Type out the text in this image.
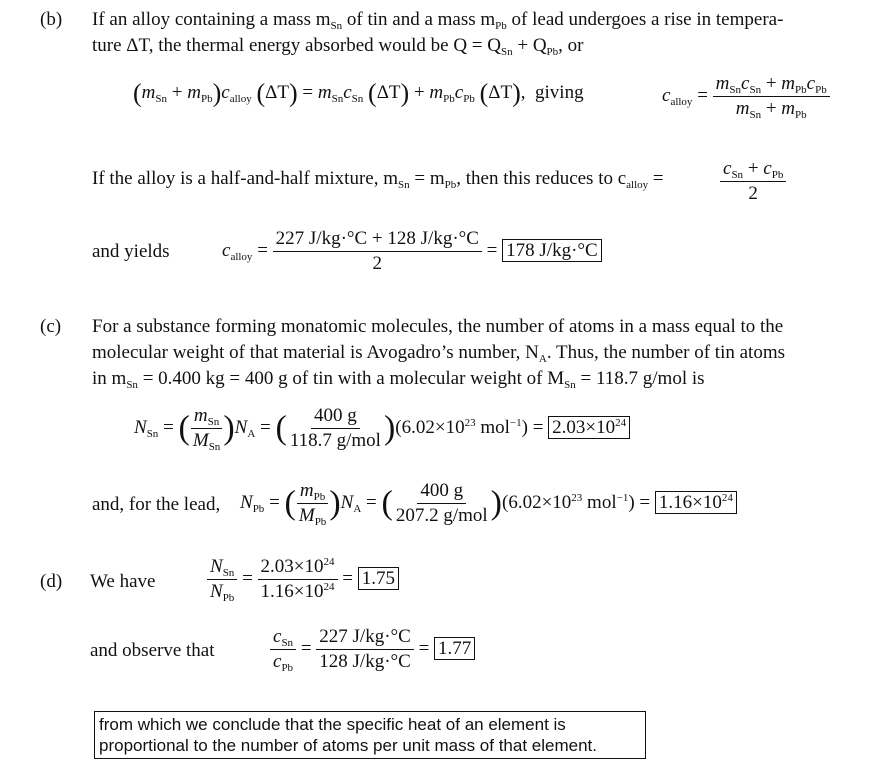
(b) If an alloy containing a mass $m_{Sn}$ of tin and a mass $m_{Pb}$ of lead undergoes a rise in tempera-
ture ΔT, the thermal energy absorbed would be $Q = Q_{Sn} + Q_{Pb}$, or
$(m_{Sn} + m_{Pb})c_{alloy}$ $(\Delta T) = m_{Sn}c_{Sn}$ $(\Delta T) + m_{Pb}c_{Pb}$ (ΔT),  giving	$c_{alloy} = \frac{m_{Sn}c_{Sn} + m_{Pb}c_{Pb}}{m_{Sn} + m_{Pb}}$
If the alloy is a half-and-half mixture, $m_{Sn} = m_{Pb}$, then this reduces to $c_{alloy}$ =	$\frac{c_{Sn} + c_{Pb}}{2}$
and yields	$c_{alloy} = \frac{227 J/kg\cdot^\circ C + 128 J/kg\cdot^\circ C}{2} = 178$ J/kg·°C
(c) For a substance forming monatomic molecules, the number of atoms in a mass equal to the
molecular weight of that material is Avogadro’s number, $N_A$. Thus, the number of tin atoms
in $m_{Sn} = 0.400$ kg = 400 g of tin with a molecular weight of $M_{Sn} = 118.7$ g/mol is
$N_{Sn}$ = ( $\frac{m_{Sn}}{M_{Sn}} )N_A$ = ( $\frac{400 g}{\text{118.7 g/mol}} )(6.02\times 10^{23}$ $mol^{-1}) = 2.03\times 10^{24}$
and, for the lead, $N_{Pb}$ = ( $\frac{m_{Pb}}{M_{Pb}} )N_A$ = ( $\frac{400 g}{\text{207.2 g/mol}} )(6.02\times 10^{23}$ $mol^{-1}) = 1.16\times 10^{24}$
(d) We have	$\frac{N_{Sn}}{N_{Pb}} = \frac{2.03\times 10^{24}}{1.16\times 10^{24}} = 1.75$
and observe that	$\frac{c_{Sn}}{c_{Pb}} = \frac{227 J/kg\cdot^\circ C}{128 J/kg\cdot^\circ C} = 1.77$
from which we conclude that the specific heat of an element is proportional to the number of atoms per unit mass of that element.
